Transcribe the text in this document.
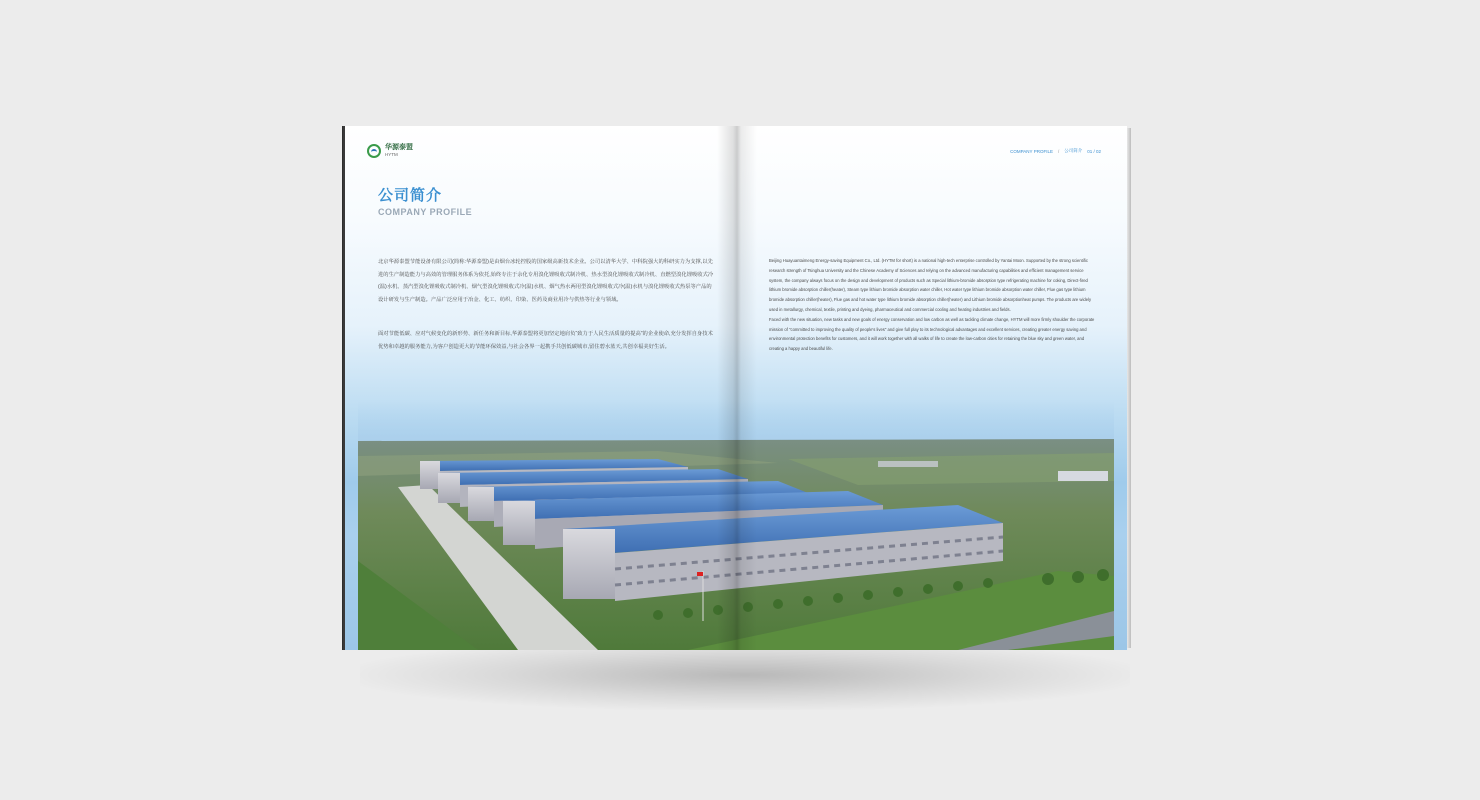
华源泰盟
HYTM
公司简介
COMPANY PROFILE
北京华源泰盟节能设备有限公司(简称:华源泰盟)是由烟台冰轮控股的国家级高新技术企业。公司以清华大学、中科院强大的科研实力为支撑,以先进的生产制造能力与高效的管理服务体系为依托,始终专注于余化专用溴化锂吸收式制冷机、热水型溴化锂吸收式制冷机、直燃型溴化锂吸收式冷(温)水机、蒸汽型溴化锂吸收式制冷机、烟气型溴化锂吸收式冷(温)水机、烟气热水两用型溴化锂吸收式冷(温)水机与溴化锂吸收式热泵等产品的设计研发与生产制造。产品广泛应用于冶金、化工、纺织、印染、医药及商业用冷与供热等行业与领域。
面对节能低碳、应对气候变化的新形势、新任务和新目标,华源泰盟将更加坚定地肩负“致力于人民生活质量的提高”的企业使命,充分发挥自身技术优势和卓越的服务能力,为客户创造更大的节能环保效益,与社会各界一起携手共创低碳城市,留住碧水蓝天,共创幸福美好生活。
COMPANY PROFILE / 公司简介 01 / 02

Beijing Huayuantaimeng Energy-saving Equipment Co., Ltd. (HYTM for short) is a national high-tech enterprise controlled by Yantai Moon. Supported by the strong scientific research strength of Tsinghua University and the Chinese Academy of Sciences and relying on the advanced manufacturing capabilities and efficient management service system, the company always focus on the design and development of products such as Special lithium-bromide absorption type refrigerating machine for coking, Direct-fired lithium bromide absorption chiller(heater), Steam type lithium bromide absorption water chiller, Hot water type lithium bromide absorption water chiller, Flue gas type lithium bromide absorption chiller(heater), Flue gas and hot water type lithium bromide absorption chiller(heater) and Lithium bromide absorptionheat pumps. The products are widely used in metallurgy, chemical, textile, printing and dyeing, pharmaceutical and commercial cooling and heating industries and fields.

Faced with the new situation, new tasks and new goals of energy conservation and low carbon as well as tackling climate change, HYTM will more firmly shoulder the corporate mission of "committed to improving the quality of people's lives" and give full play to its technological advantages and excellent services, creating greater energy saving and environmental protection benefits for customers, and it will work together with all walks of life to create the low-carbon cities for retaining the blue sky and green water, and creating a happy and beautiful life.
